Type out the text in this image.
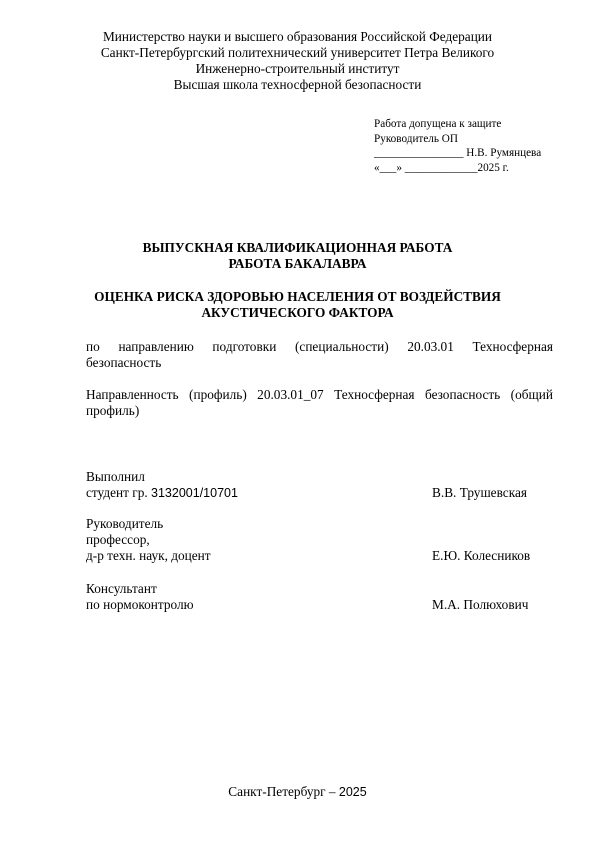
Министерство науки и высшего образования Российской Федерации
Санкт-Петербургский политехнический университет Петра Великого
Инженерно-строительный институт
Высшая школа техносферной безопасности
Работа допущена к защите
Руководитель ОП
________________ Н.В. Румянцева
«___» _____________2025 г.
ВЫПУСКНАЯ КВАЛИФИКАЦИОННАЯ РАБОТА
РАБОТА БАКАЛАВРА
ОЦЕНКА РИСКА ЗДОРОВЬЮ НАСЕЛЕНИЯ ОТ ВОЗДЕЙСТВИЯ
АКУСТИЧЕСКОГО ФАКТОРА
по направлению подготовки (специальности) 20.03.01 Техносферная безопасность
Направленность (профиль) 20.03.01_07 Техносферная безопасность (общий профиль)
Выполнил
студент гр. 3132001/10701	В.В. Трушевская
Руководитель
профессор,
д-р техн. наук, доцент	Е.Ю. Колесников
Консультант
по нормоконтролю	М.А. Полюхович
Санкт-Петербург – 2025
